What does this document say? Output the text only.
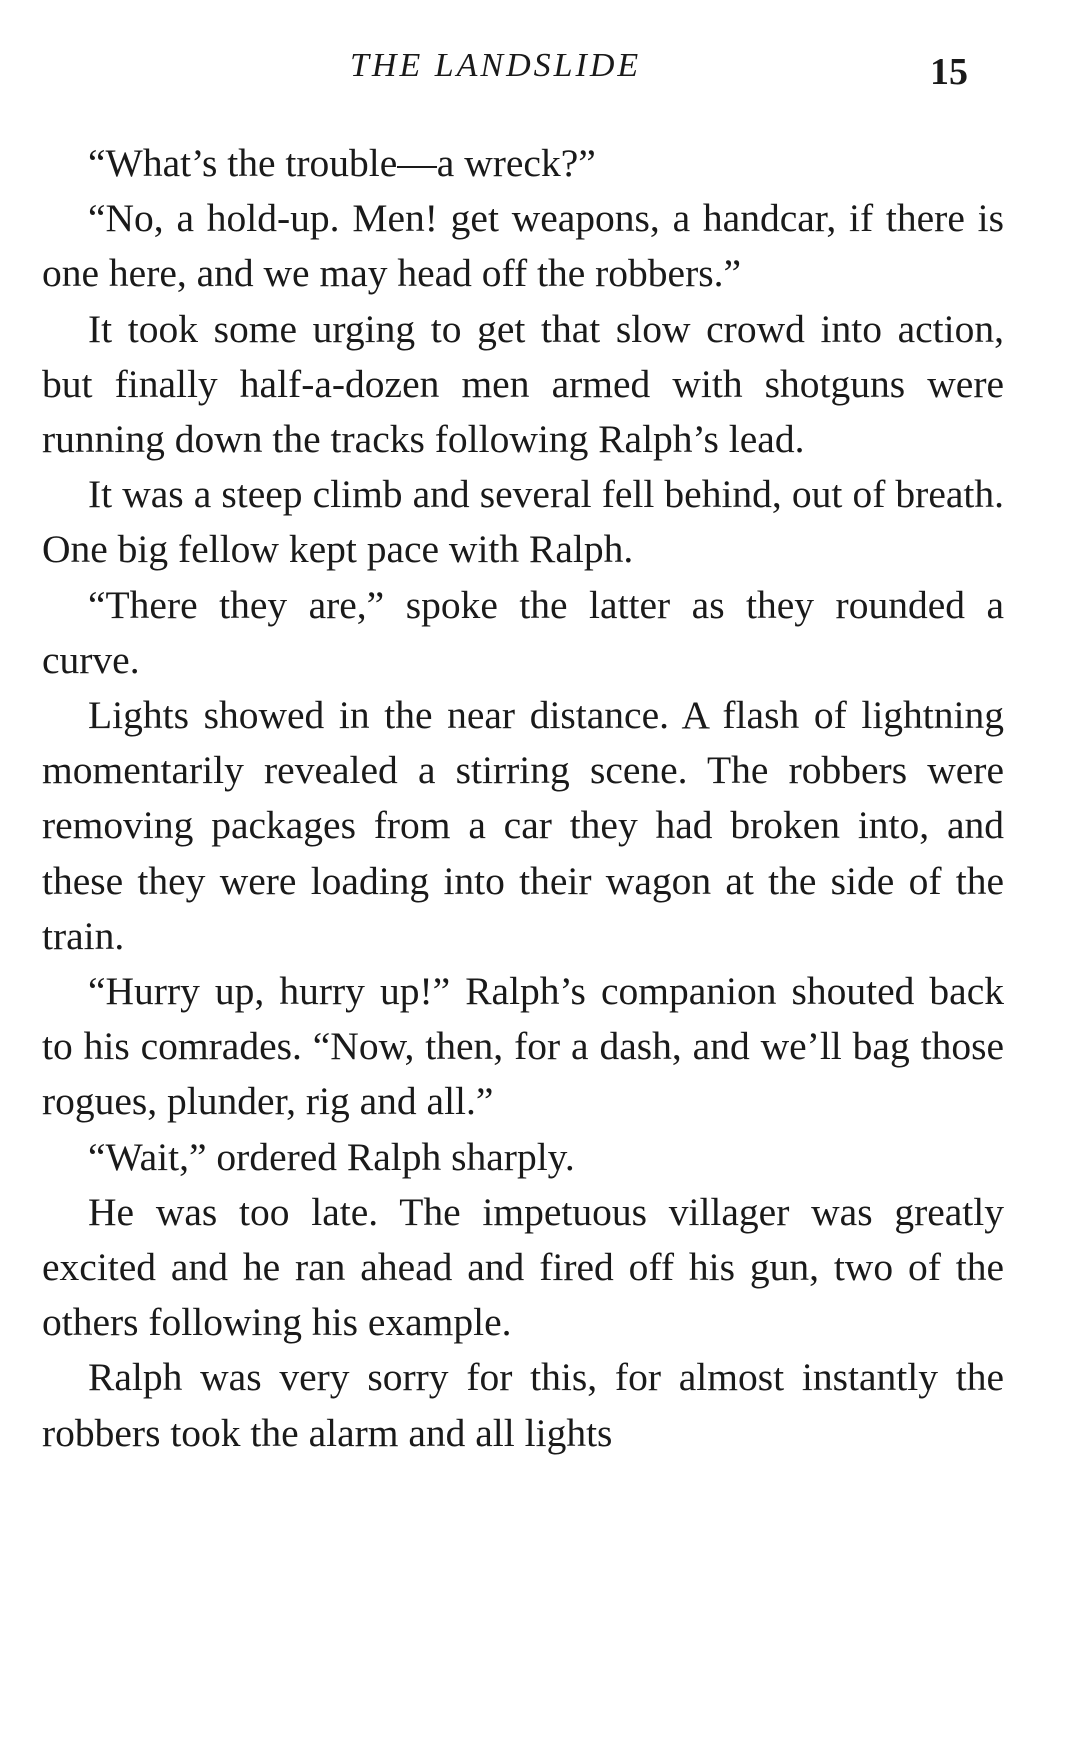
THE LANDSLIDE	15

“What’s the trouble—a wreck?”

“No, a hold-up. Men! get weapons, a handcar, if there is one here, and we may head off the robbers.”

It took some urging to get that slow crowd into action, but finally half-a-dozen men armed with shotguns were running down the tracks following Ralph’s lead.

It was a steep climb and several fell behind, out of breath. One big fellow kept pace with Ralph.

“There they are,” spoke the latter as they rounded a curve.

Lights showed in the near distance. A flash of lightning momentarily revealed a stirring scene. The robbers were removing packages from a car they had broken into, and these they were loading into their wagon at the side of the train.

“Hurry up, hurry up!” Ralph’s companion shouted back to his comrades. “Now, then, for a dash, and we’ll bag those rogues, plunder, rig and all.”

“Wait,” ordered Ralph sharply.

He was too late. The impetuous villager was greatly excited and he ran ahead and fired off his gun, two of the others following his example.

Ralph was very sorry for this, for almost instantly the robbers took the alarm and all lights
